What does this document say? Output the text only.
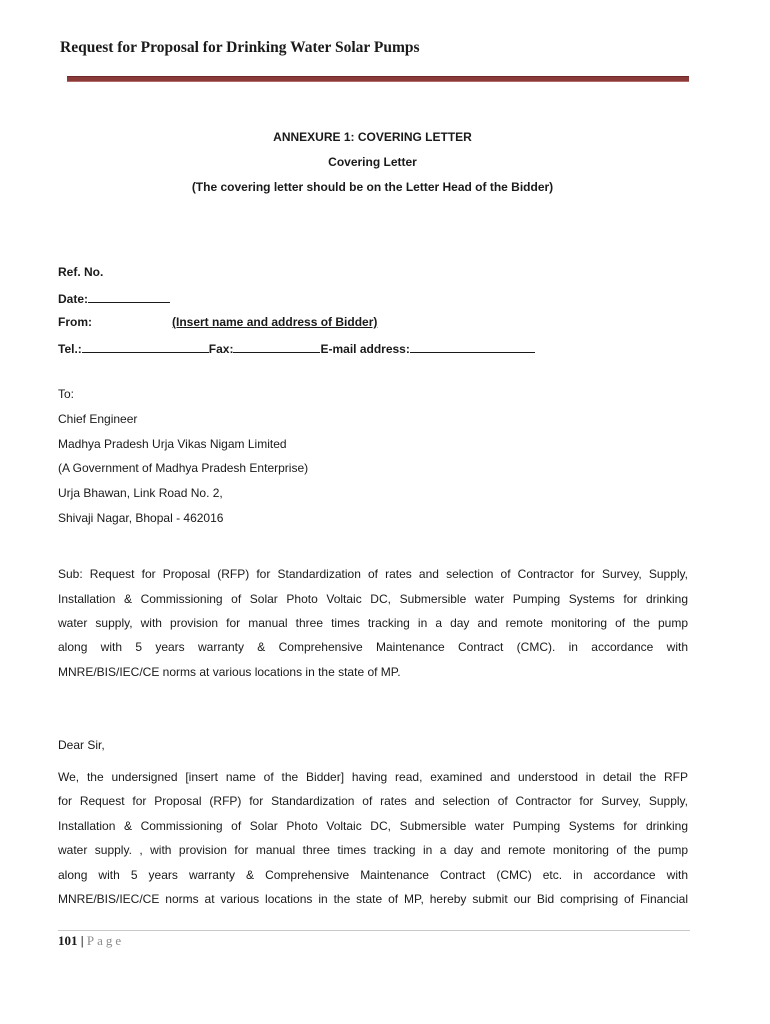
Request for Proposal for Drinking Water Solar Pumps
ANNEXURE 1: COVERING LETTER
Covering Letter
(The covering letter should be on the Letter Head of the Bidder)
Ref. No.
Date:
From:	(Insert name and address of Bidder)
Tel.:	Fax:	E-mail address:
To:
Chief Engineer
Madhya Pradesh Urja Vikas Nigam Limited
(A Government of Madhya Pradesh Enterprise)
Urja Bhawan, Link Road No. 2,
Shivaji Nagar, Bhopal - 462016
Sub: Request for Proposal (RFP) for Standardization of rates and selection of Contractor for Survey, Supply,
Installation & Commissioning of Solar Photo Voltaic DC, Submersible water Pumping Systems for drinking
water supply, with provision for manual three times tracking in a day and remote monitoring of the pump
along with 5 years warranty & Comprehensive Maintenance Contract (CMC). in accordance with
MNRE/BIS/IEC/CE norms at various locations in the state of MP.
Dear Sir,
We, the undersigned [insert name of the Bidder] having read, examined and understood in detail the RFP
for Request for Proposal (RFP) for Standardization of rates and selection of Contractor for Survey, Supply,
Installation & Commissioning of Solar Photo Voltaic DC, Submersible water Pumping Systems for drinking
water supply. , with provision for manual three times tracking in a day and remote monitoring of the pump
along with 5 years warranty & Comprehensive Maintenance Contract (CMC) etc. in accordance with
MNRE/BIS/IEC/CE norms at various locations in the state of MP, hereby submit our Bid comprising of Financial
101 | Page
